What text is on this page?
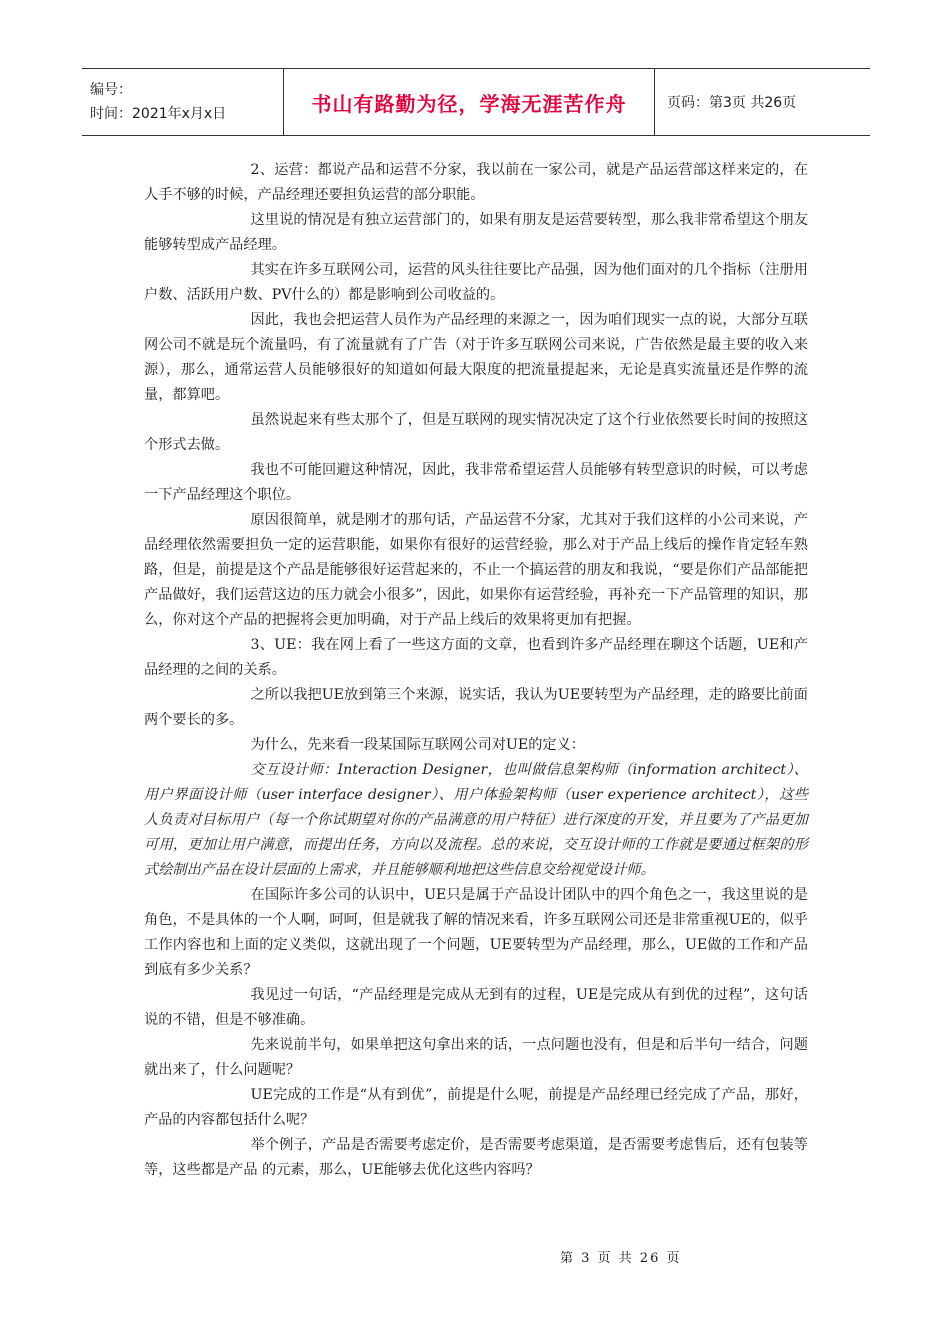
编号：
时间：2021年x月x日	书山有路勤为径，学海无涯苦作舟	页码：第3页 共26页

2、运营：都说产品和运营不分家，我以前在一家公司，就是产品运营部这样来定的，在人手不够的时候，产品经理还要担负运营的部分职能。

这里说的情况是有独立运营部门的，如果有朋友是运营要转型，那么我非常希望这个朋友能够转型成产品经理。

其实在许多互联网公司，运营的风头往往要比产品强，因为他们面对的几个指标（注册用户数、活跃用户数、PV什么的）都是影响到公司收益的。

因此，我也会把运营人员作为产品经理的来源之一，因为咱们现实一点的说，大部分互联网公司不就是玩个流量吗，有了流量就有了广告（对于许多互联网公司来说，广告依然是最主要的收入来源），那么，通常运营人员能够很好的知道如何最大限度的把流量提起来，无论是真实流量还是作弊的流量，都算吧。

虽然说起来有些太那个了，但是互联网的现实情况决定了这个行业依然要长时间的按照这个形式去做。

我也不可能回避这种情况，因此，我非常希望运营人员能够有转型意识的时候，可以考虑一下产品经理这个职位。

原因很简单，就是刚才的那句话，产品运营不分家，尤其对于我们这样的小公司来说，产品经理依然需要担负一定的运营职能，如果你有很好的运营经验，那么对于产品上线后的操作肯定轻车熟路，但是，前提是这个产品是能够很好运营起来的，不止一个搞运营的朋友和我说，“要是你们产品部能把产品做好，我们运营这边的压力就会小很多”，因此，如果你有运营经验，再补充一下产品管理的知识，那么，你对这个产品的把握将会更加明确，对于产品上线后的效果将更加有把握。

3、UE：我在网上看了一些这方面的文章，也看到许多产品经理在聊这个话题，UE和产品经理的之间的关系。

之所以我把UE放到第三个来源，说实话，我认为UE要转型为产品经理，走的路要比前面两个要长的多。

为什么，先来看一段某国际互联网公司对UE的定义：

交互设计师：Interaction Designer，也叫做信息架构师（information architect）、用户界面设计师（user interface designer）、用户体验架构师（user experience architect），这些人负责对目标用户（每一个你试期望对你的产品满意的用户特征）进行深度的开发，并且要为了产品更加可用，更加让用户满意，而提出任务，方向以及流程。总的来说，交互设计师的工作就是要通过框架的形式绘制出产品在设计层面的上需求，并且能够顺利地把这些信息交给视觉设计师。

在国际许多公司的认识中，UE只是属于产品设计团队中的四个角色之一，我这里说的是角色，不是具体的一个人啊，呵呵，但是就我了解的情况来看，许多互联网公司还是非常重视UE的，似乎工作内容也和上面的定义类似，这就出现了一个问题，UE要转型为产品经理，那么，UE做的工作和产品到底有多少关系？

我见过一句话，“产品经理是完成从无到有的过程，UE是完成从有到优的过程”，这句话说的不错，但是不够准确。

先来说前半句，如果单把这句拿出来的话，一点问题也没有，但是和后半句一结合，问题就出来了，什么问题呢？

UE完成的工作是“从有到优”，前提是什么呢，前提是产品经理已经完成了产品，那好，产品的内容都包括什么呢？

举个例子，产品是否需要考虑定价，是否需要考虑渠道，是否需要考虑售后，还有包装等等，这些都是产品 的元素，那么，UE能够去优化这些内容吗？

第 3 页 共 26 页
